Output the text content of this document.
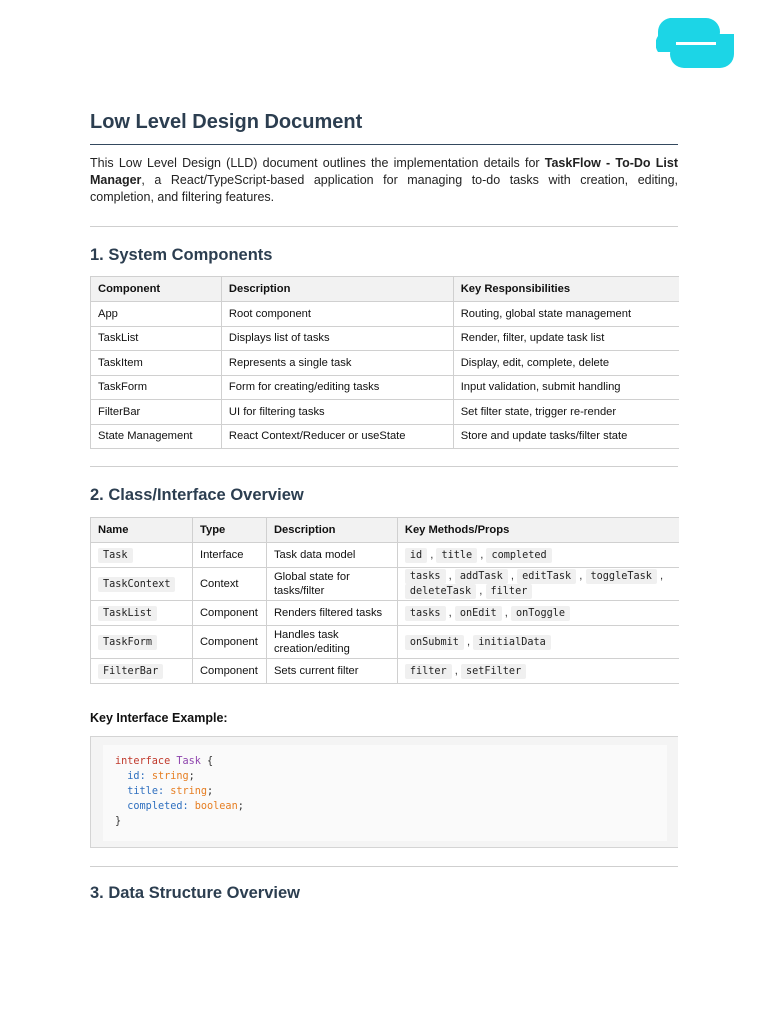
Low Level Design Document

This Low Level Design (LLD) document outlines the implementation details for TaskFlow - To-Do List Manager, a React/TypeScript-based application for managing to-do tasks with creation, editing, completion, and filtering features.

1. System Components
Component	Description	Key Responsibilities
App	Root component	Routing, global state management
TaskList	Displays list of tasks	Render, filter, update task list
TaskItem	Represents a single task	Display, edit, complete, delete
TaskForm	Form for creating/editing tasks	Input validation, submit handling
FilterBar	UI for filtering tasks	Set filter state, trigger re-render
State Management	React Context/Reducer or useState	Store and update tasks/filter state
2. Class/Interface Overview
Name	Type	Description	Key Methods/Props
Task	Interface	Task data model	id , title , completed
TaskContext	Context	Global state for tasks/filter	tasks , addTask , editTask , toggleTask , deleteTask , filter
TaskList	Component	Renders filtered tasks	tasks , onEdit , onToggle
TaskForm	Component	Handles task creation/editing	onSubmit , initialData
FilterBar	Component	Sets current filter	filter , setFilter

Key Interface Example:

interface Task {
id: string;
title: string;
completed: boolean;
}
3. Data Structure Overview
